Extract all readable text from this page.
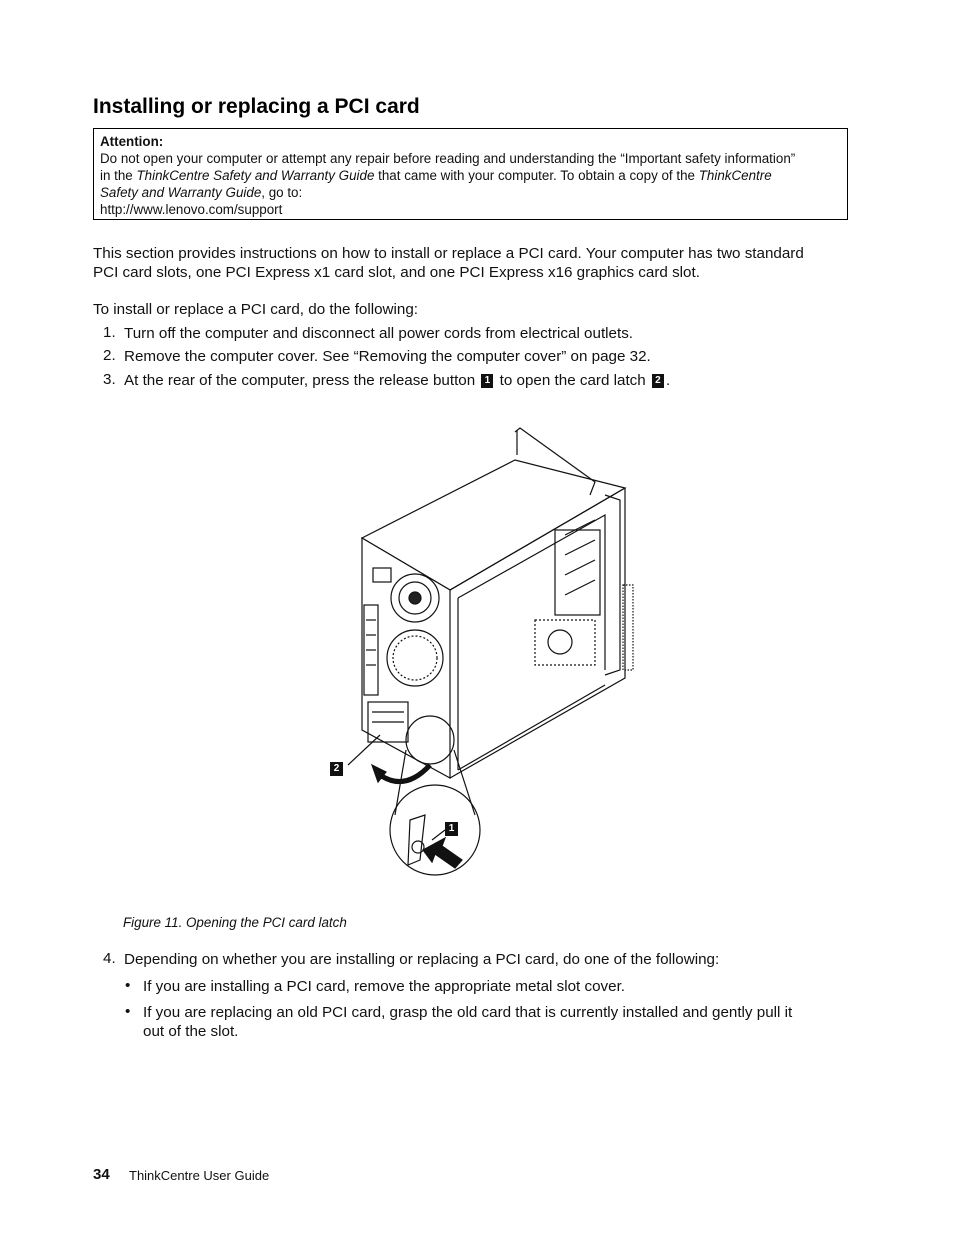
Installing or replacing a PCI card
Attention:
Do not open your computer or attempt any repair before reading and understanding the “Important safety information”
in the ThinkCentre Safety and Warranty Guide that came with your computer. To obtain a copy of the ThinkCentre
Safety and Warranty Guide, go to:
http://www.lenovo.com/support
This section provides instructions on how to install or replace a PCI card. Your computer has two standard
PCI card slots, one PCI Express x1 card slot, and one PCI Express x16 graphics card slot.
To install or replace a PCI card, do the following:
1. Turn off the computer and disconnect all power cords from electrical outlets.
2. Remove the computer cover. See “Removing the computer cover” on page 32.
3. At the rear of the computer, press the release button 1 to open the card latch 2 .
2
1
Figure 11. Opening the PCI card latch
4. Depending on whether you are installing or replacing a PCI card, do one of the following:
• If you are installing a PCI card, remove the appropriate metal slot cover.
• If you are replacing an old PCI card, grasp the old card that is currently installed and gently pull it
out of the slot.
34 ThinkCentre User Guide
